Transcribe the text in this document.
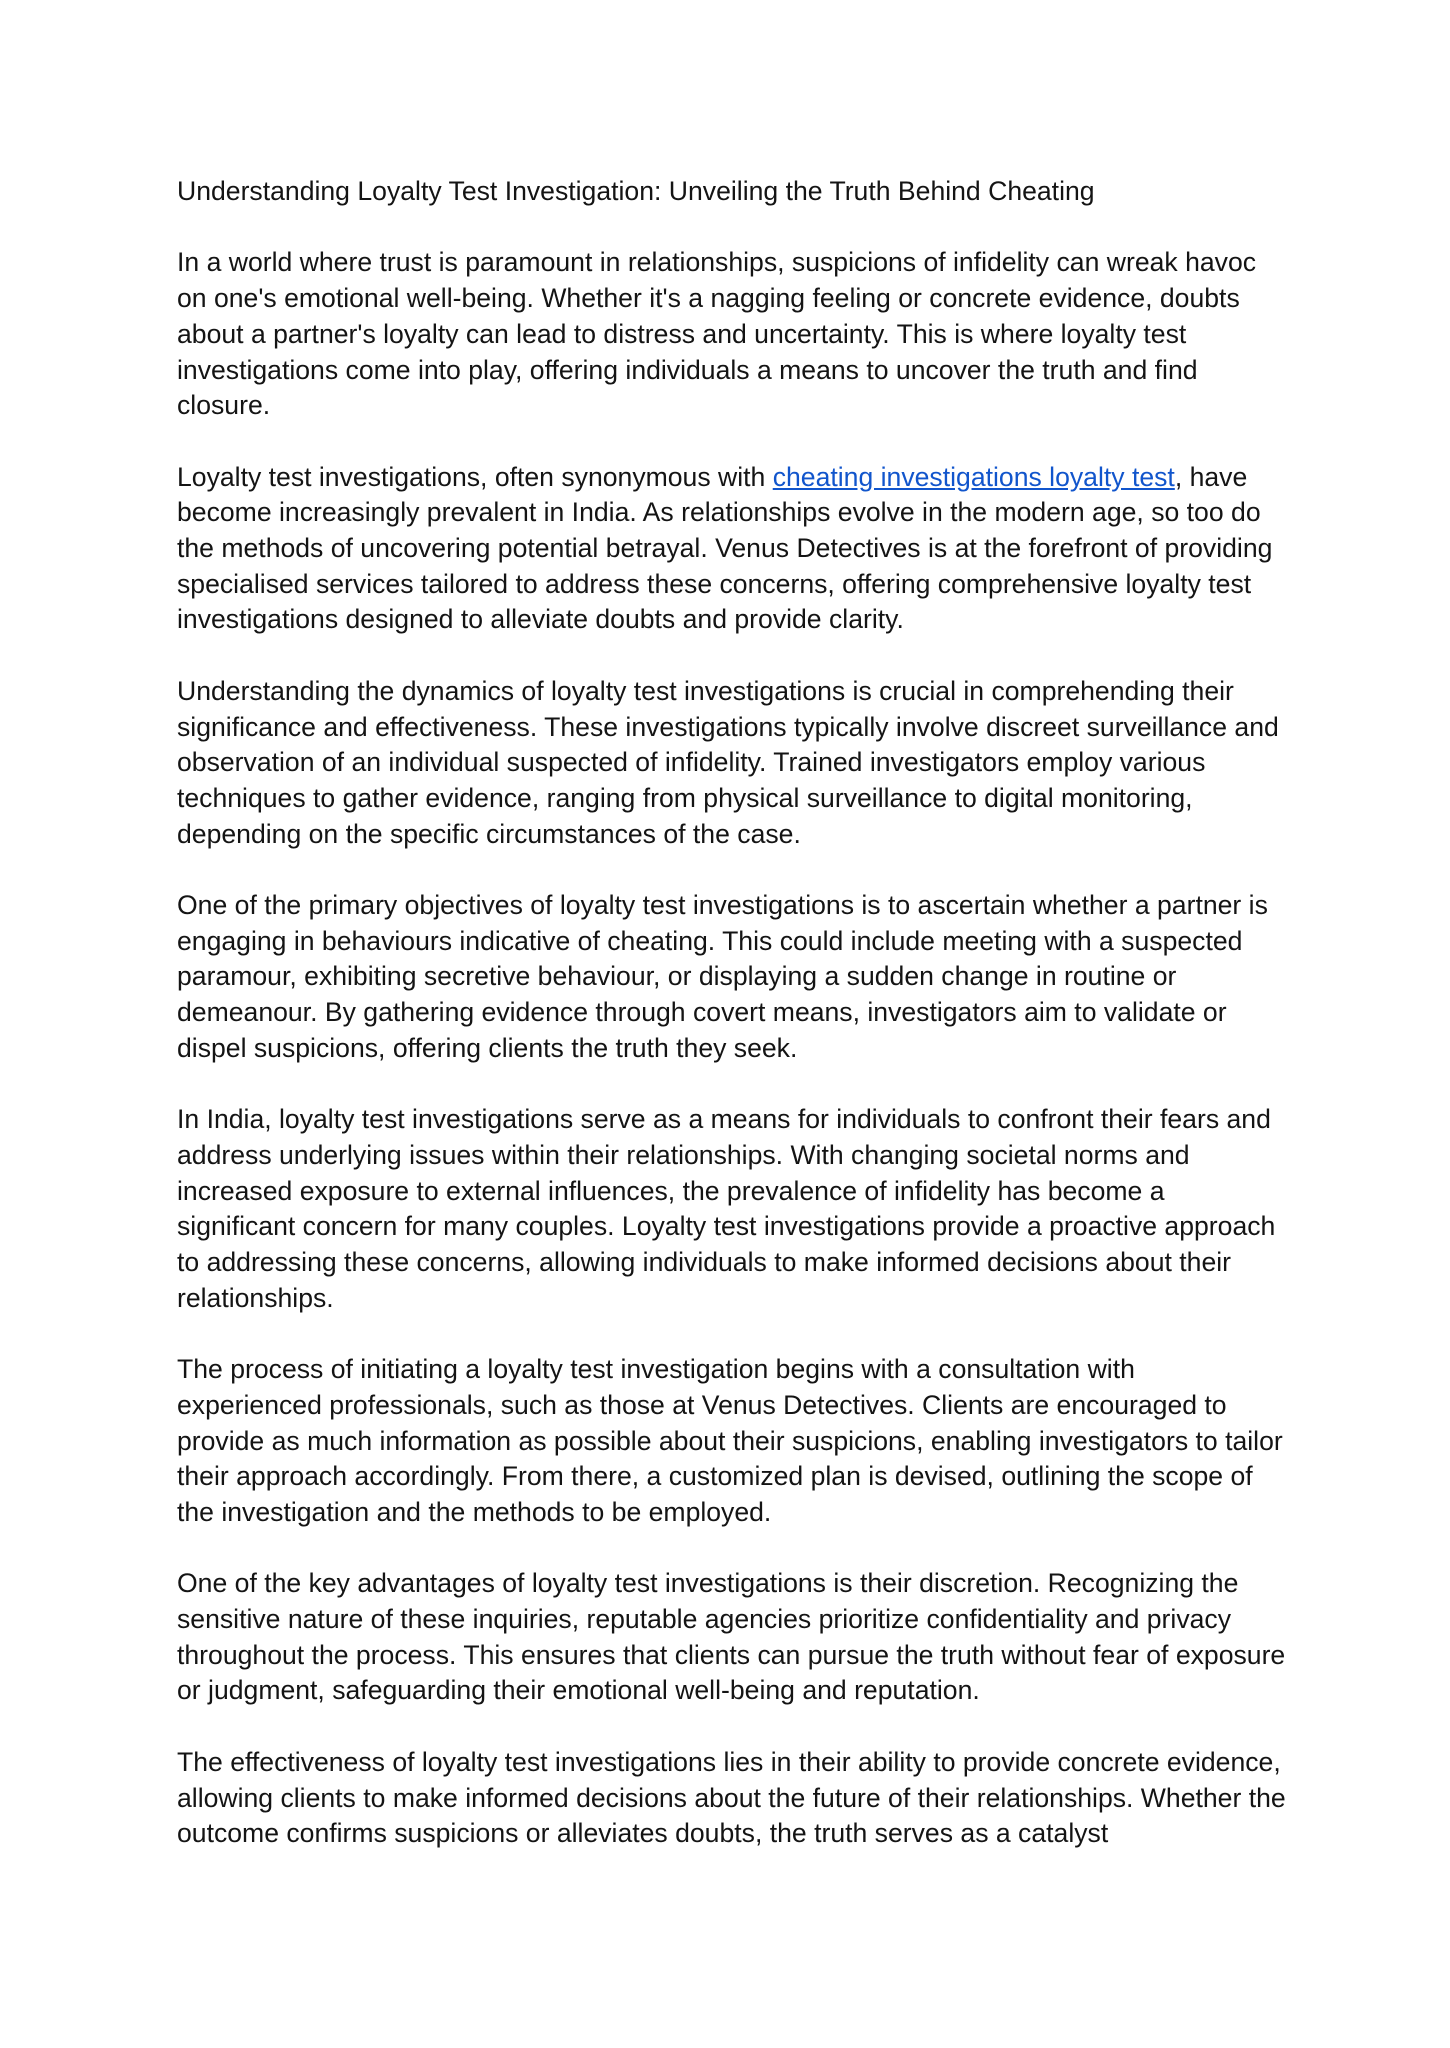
Understanding Loyalty Test Investigation: Unveiling the Truth Behind Cheating

In a world where trust is paramount in relationships, suspicions of infidelity can wreak havoc on one's emotional well-being. Whether it's a nagging feeling or concrete evidence, doubts about a partner's loyalty can lead to distress and uncertainty. This is where loyalty test investigations come into play, offering individuals a means to uncover the truth and find closure.

Loyalty test investigations, often synonymous with cheating investigations loyalty test, have become increasingly prevalent in India. As relationships evolve in the modern age, so too do the methods of uncovering potential betrayal. Venus Detectives is at the forefront of providing specialised services tailored to address these concerns, offering comprehensive loyalty test investigations designed to alleviate doubts and provide clarity.

Understanding the dynamics of loyalty test investigations is crucial in comprehending their significance and effectiveness. These investigations typically involve discreet surveillance and observation of an individual suspected of infidelity. Trained investigators employ various techniques to gather evidence, ranging from physical surveillance to digital monitoring, depending on the specific circumstances of the case.

One of the primary objectives of loyalty test investigations is to ascertain whether a partner is engaging in behaviours indicative of cheating. This could include meeting with a suspected paramour, exhibiting secretive behaviour, or displaying a sudden change in routine or demeanour. By gathering evidence through covert means, investigators aim to validate or dispel suspicions, offering clients the truth they seek.

In India, loyalty test investigations serve as a means for individuals to confront their fears and address underlying issues within their relationships. With changing societal norms and increased exposure to external influences, the prevalence of infidelity has become a significant concern for many couples. Loyalty test investigations provide a proactive approach to addressing these concerns, allowing individuals to make informed decisions about their relationships.

The process of initiating a loyalty test investigation begins with a consultation with experienced professionals, such as those at Venus Detectives. Clients are encouraged to provide as much information as possible about their suspicions, enabling investigators to tailor their approach accordingly. From there, a customized plan is devised, outlining the scope of the investigation and the methods to be employed.

One of the key advantages of loyalty test investigations is their discretion. Recognizing the sensitive nature of these inquiries, reputable agencies prioritize confidentiality and privacy throughout the process. This ensures that clients can pursue the truth without fear of exposure or judgment, safeguarding their emotional well-being and reputation.

The effectiveness of loyalty test investigations lies in their ability to provide concrete evidence, allowing clients to make informed decisions about the future of their relationships. Whether the outcome confirms suspicions or alleviates doubts, the truth serves as a catalyst
